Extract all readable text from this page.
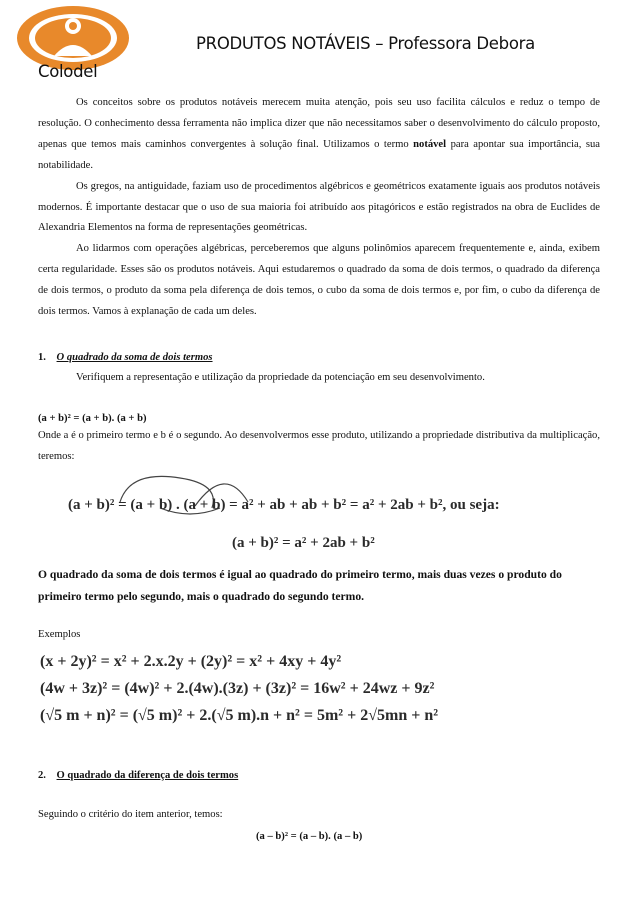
PRODUTOS NOTÁVEIS – Professora Debora
Colodel

Os conceitos sobre os produtos notáveis merecem muita atenção, pois seu uso facilita cálculos e reduz o tempo de resolução. O conhecimento dessa ferramenta não implica dizer que não necessitamos saber o desenvolvimento do cálculo proposto, apenas que temos mais caminhos convergentes à solução final. Utilizamos o termo notável para apontar sua importância, sua notabilidade.

Os gregos, na antiguidade, faziam uso de procedimentos algébricos e geométricos exatamente iguais aos produtos notáveis modernos. É importante destacar que o uso de sua maioria foi atribuído aos pitagóricos e estão registrados na obra de Euclides de Alexandria Elementos na forma de representações geométricas.

Ao lidarmos com operações algébricas, perceberemos que alguns polinômios aparecem frequentemente e, ainda, exibem certa regularidade. Esses são os produtos notáveis. Aqui estudaremos o quadrado da soma de dois termos, o quadrado da diferença de dois termos, o produto da soma pela diferença de dois temos, o cubo da soma de dois termos e, por fim, o cubo da diferença de dois termos. Vamos à explanação de cada um deles.

1. O quadrado da soma de dois termos
Verifiquem a representação e utilização da propriedade da potenciação em seu desenvolvimento.
(a + b)² = (a + b). (a + b)
Onde a é o primeiro termo e b é o segundo. Ao desenvolvermos esse produto, utilizando a propriedade distributiva da multiplicação, teremos:
(a + b)² = (a + b) . (a + b) = a² + ab + ab + b² = a² + 2ab + b², ou seja:
(a + b)² = a² + 2ab + b²
O quadrado da soma de dois termos é igual ao quadrado do primeiro termo, mais duas vezes o produto do primeiro termo pelo segundo, mais o quadrado do segundo termo.
Exemplos
(x + 2y)² = x² + 2.x.2y + (2y)² = x² + 4xy + 4y²
(4w + 3z)² = (4w)² + 2.(4w).(3z) + (3z)² = 16w² + 24wz + 9z²
(√5 m + n)² = (√5 m)² + 2.(√5 m).n + n² = 5m² + 2√5mn + n²
2. O quadrado da diferença de dois termos
Seguindo o critério do item anterior, temos:
(a – b)² = (a – b). (a – b)
